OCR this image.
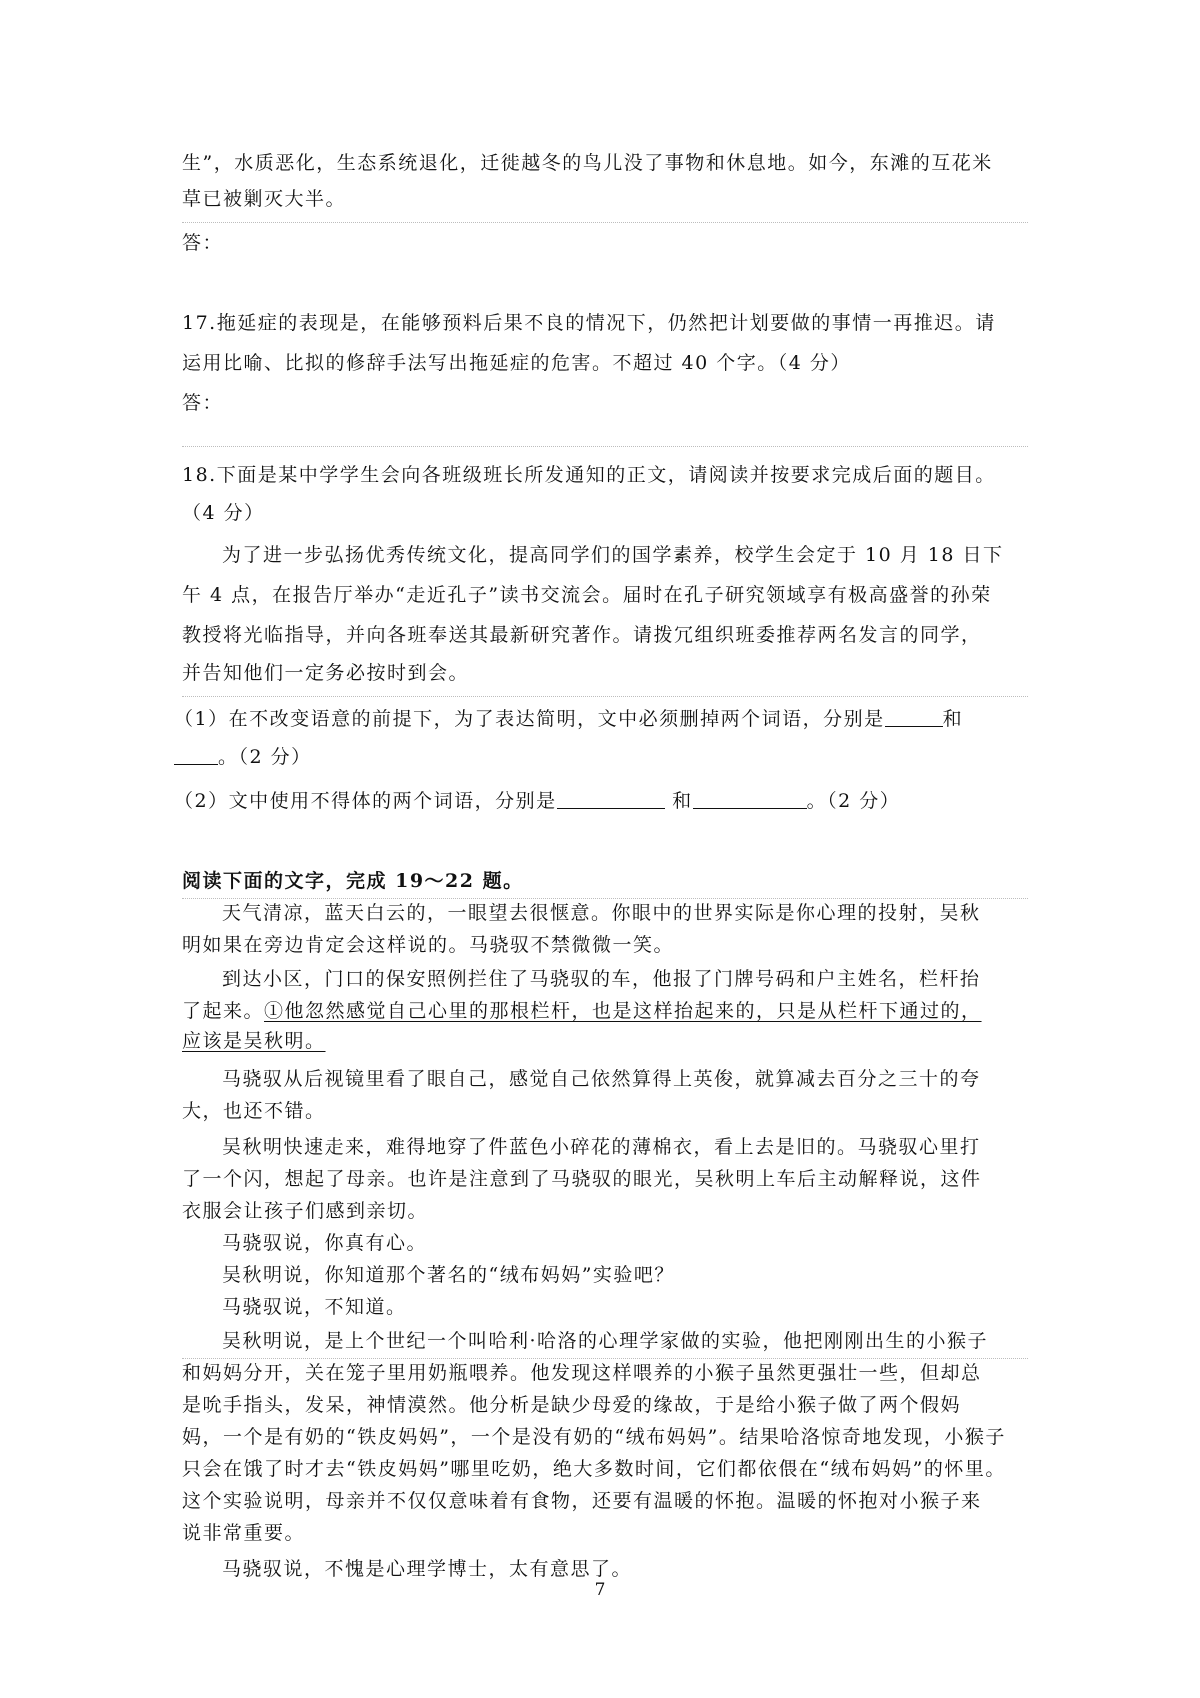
生”，水质恶化，生态系统退化，迁徙越冬的鸟儿没了事物和休息地。如今，东滩的互花米
草已被剿灭大半。
答：
17.拖延症的表现是，在能够预料后果不良的情况下，仍然把计划要做的事情一再推迟。请
运用比喻、比拟的修辞手法写出拖延症的危害。不超过 40 个字。（4 分）
答：
18.下面是某中学学生会向各班级班长所发通知的正文，请阅读并按要求完成后面的题目。
（4 分）
为了进一步弘扬优秀传统文化，提高同学们的国学素养，校学生会定于 10 月 18 日下
午 4 点，在报告厅举办“走近孔子”读书交流会。届时在孔子研究领域享有极高盛誉的孙荣
教授将光临指导，并向各班奉送其最新研究著作。请拨冗组织班委推荐两名发言的同学，
并告知他们一定务必按时到会。
（1）在不改变语意的前提下，为了表达简明，文中必须删掉两个词语，分别是	和
。（2 分）
（2）文中使用不得体的两个词语，分别是	和	。（2 分）
阅读下面的文字，完成 19～22 题。
天气清凉，蓝天白云的，一眼望去很惬意。你眼中的世界实际是你心理的投射，吴秋
明如果在旁边肯定会这样说的。马骁驭不禁微微一笑。
到达小区，门口的保安照例拦住了马骁驭的车，他报了门牌号码和户主姓名，栏杆抬
了起来。①他忽然感觉自己心里的那根栏杆，也是这样抬起来的，只是从栏杆下通过的，
应该是吴秋明。
马骁驭从后视镜里看了眼自己，感觉自己依然算得上英俊，就算减去百分之三十的夸
大，也还不错。
吴秋明快速走来，难得地穿了件蓝色小碎花的薄棉衣，看上去是旧的。马骁驭心里打
了一个闪，想起了母亲。也许是注意到了马骁驭的眼光，吴秋明上车后主动解释说，这件
衣服会让孩子们感到亲切。
马骁驭说，你真有心。
吴秋明说，你知道那个著名的“绒布妈妈”实验吧？
马骁驭说，不知道。
吴秋明说，是上个世纪一个叫哈利·哈洛的心理学家做的实验，他把刚刚出生的小猴子
和妈妈分开，关在笼子里用奶瓶喂养。他发现这样喂养的小猴子虽然更强壮一些，但却总
是吮手指头，发呆，神情漠然。他分析是缺少母爱的缘故，于是给小猴子做了两个假妈
妈，一个是有奶的“铁皮妈妈”，一个是没有奶的“绒布妈妈”。结果哈洛惊奇地发现，小猴子
只会在饿了时才去“铁皮妈妈”哪里吃奶，绝大多数时间，它们都依偎在“绒布妈妈”的怀里。
这个实验说明，母亲并不仅仅意味着有食物，还要有温暖的怀抱。温暖的怀抱对小猴子来
说非常重要。
马骁驭说，不愧是心理学博士，太有意思了。
7
